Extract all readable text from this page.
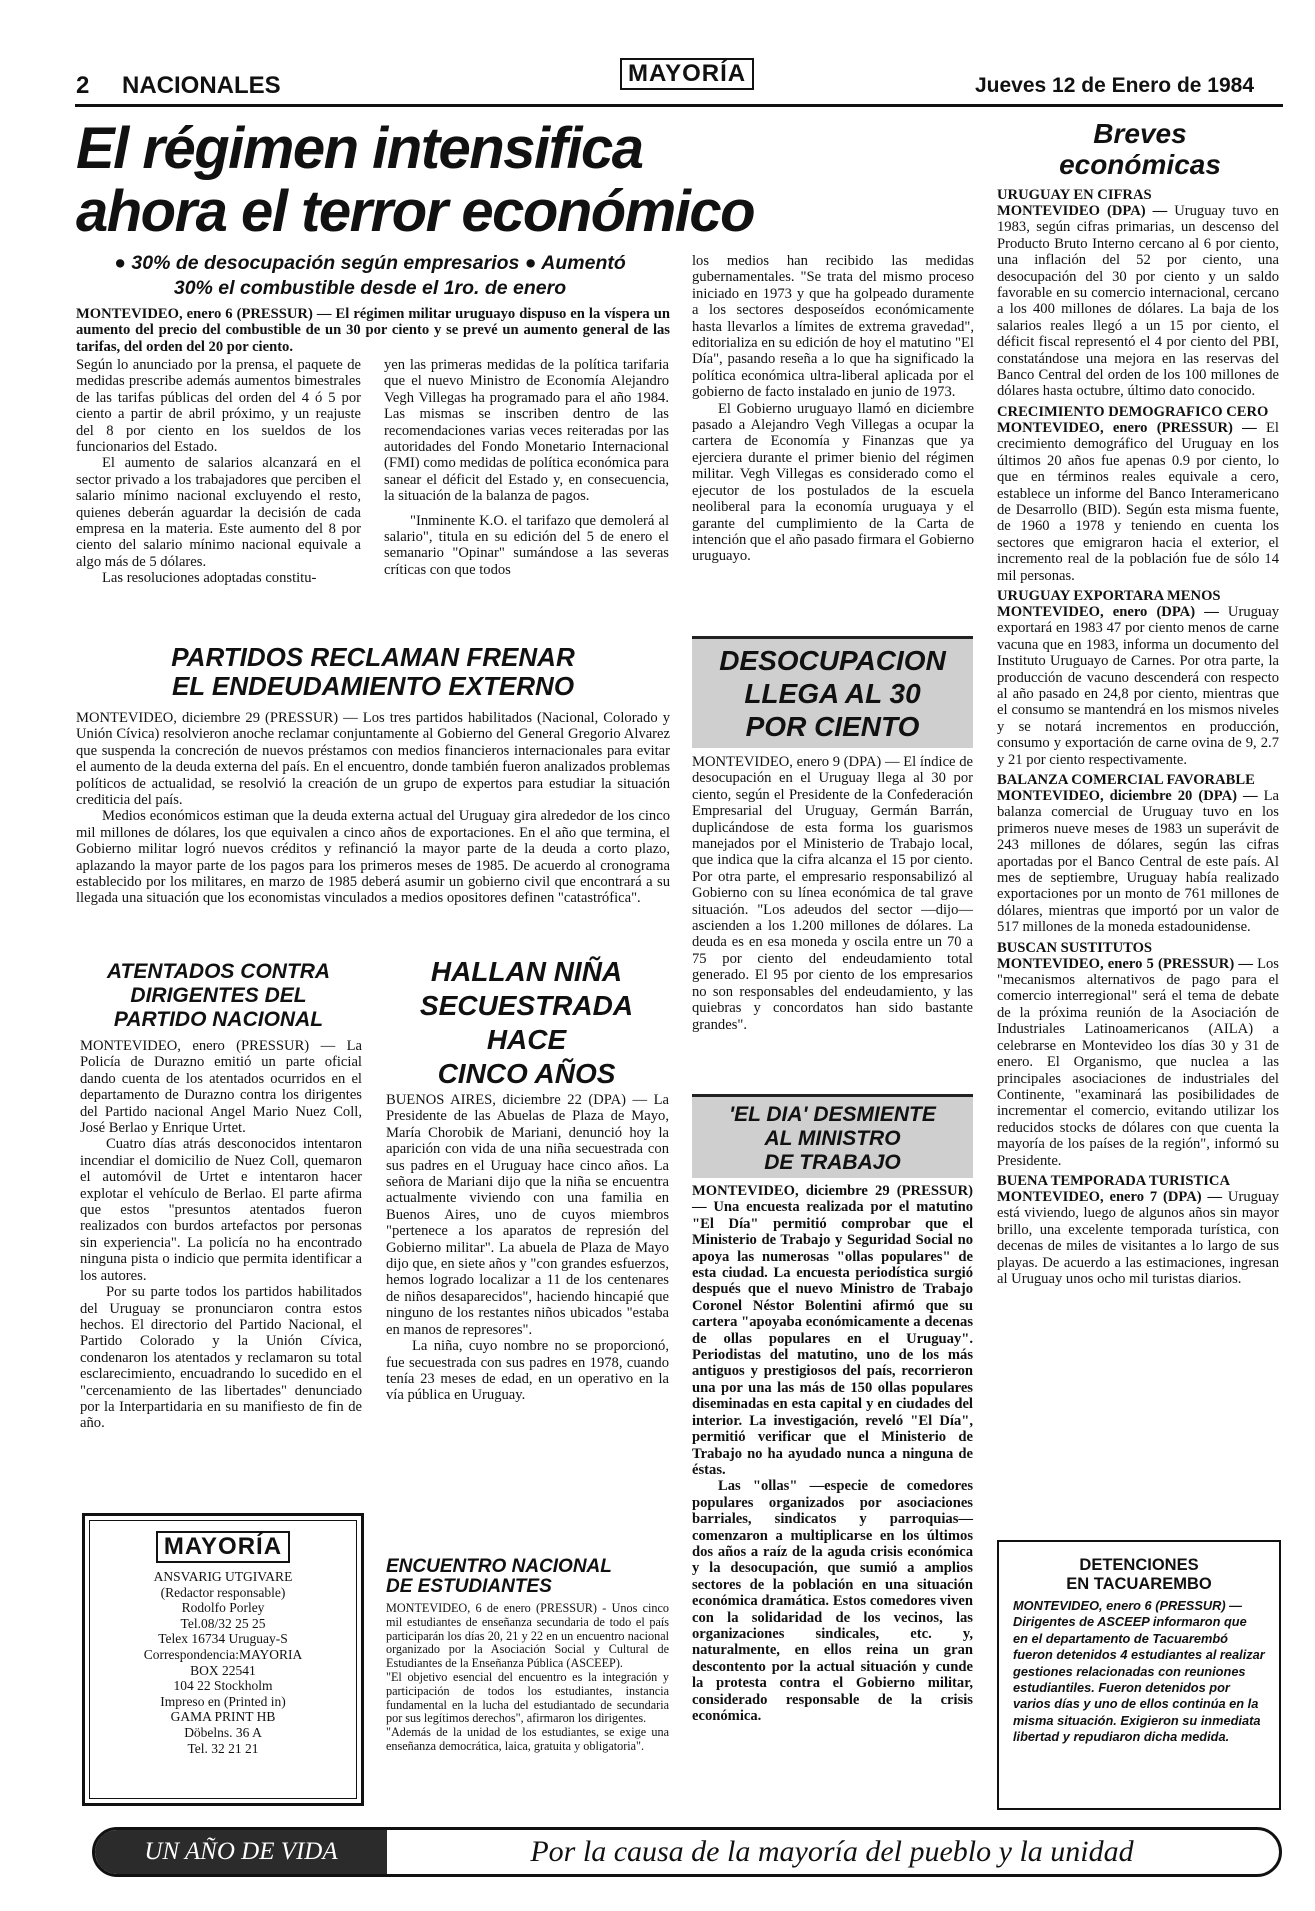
2 NACIONALES	MAYORÍA	Jueves 12 de Enero de 1984
El régimen intensifica
ahora el terror económico
● 30% de desocupación según empresarios ● Aumentó
30% el combustible desde el 1ro. de enero
MONTEVIDEO, enero 6 (PRESSUR) — El régimen militar uruguayo dispuso en la víspera un aumento del precio del combustible de un 30 por ciento y se prevé un aumento general de las tarifas, del orden del 20 por ciento.

Según lo anunciado por la prensa, el paquete de medidas prescribe además aumentos bimestrales de las tarifas públicas del orden del 4 ó 5 por ciento a partir de abril próximo, y un reajuste del 8 por ciento en los sueldos de los funcionarios del Estado.

El aumento de salarios alcanzará en el sector privado a los trabajadores que perciben el salario mínimo nacional excluyendo el resto, quienes deberán aguardar la decisión de cada empresa en la materia. Este aumento del 8 por ciento del salario mínimo nacional equivale a algo más de 5 dólares.

Las resoluciones adoptadas constitu-

yen las primeras medidas de la política tarifaria que el nuevo Ministro de Economía Alejandro Vegh Villegas ha programado para el año 1984. Las mismas se inscriben dentro de las recomendaciones varias veces reiteradas por las autoridades del Fondo Monetario Internacional (FMI) como medidas de política económica para sanear el déficit del Estado y, en consecuencia, la situación de la balanza de pagos.

"Inminente K.O. el tarifazo que demolerá al salario", titula en su edición del 5 de enero el semanario "Opinar" sumándose a las severas críticas con que todos

los medios han recibido las medidas gubernamentales. "Se trata del mismo proceso iniciado en 1973 y que ha golpeado duramente a los sectores desposeídos económicamente hasta llevarlos a límites de extrema gravedad", editorializa en su edición de hoy el matutino "El Día", pasando reseña a lo que ha significado la política económica ultra-liberal aplicada por el gobierno de facto instalado en junio de 1973.

El Gobierno uruguayo llamó en diciembre pasado a Alejandro Vegh Villegas a ocupar la cartera de Economía y Finanzas que ya ejerciera durante el primer bienio del régimen militar. Vegh Villegas es considerado como el ejecutor de los postulados de la escuela neoliberal para la economía uruguaya y el garante del cumplimiento de la Carta de intención que el año pasado firmara el Gobierno uruguayo.

PARTIDOS RECLAMAN FRENAR
EL ENDEUDAMIENTO EXTERNO

MONTEVIDEO, diciembre 29 (PRESSUR) — Los tres partidos habilitados (Nacional, Colorado y Unión Cívica) resolvieron anoche reclamar conjuntamente al Gobierno del General Gregorio Alvarez que suspenda la concreción de nuevos préstamos con medios financieros internacionales para evitar el aumento de la deuda externa del país. En el encuentro, donde también fueron analizados problemas políticos de actualidad, se resolvió la creación de un grupo de expertos para estudiar la situación crediticia del país.

Medios económicos estiman que la deuda externa actual del Uruguay gira alrededor de los cinco mil millones de dólares, los que equivalen a cinco años de exportaciones. En el año que termina, el Gobierno militar logró nuevos créditos y refinanció la mayor parte de la deuda a corto plazo, aplazando la mayor parte de los pagos para los primeros meses de 1985. De acuerdo al cronograma establecido por los militares, en marzo de 1985 deberá asumir un gobierno civil que encontrará a su llegada una situación que los economistas vinculados a medios opositores definen "catastrófica".

ATENTADOS CONTRA
DIRIGENTES DEL
PARTIDO NACIONAL

MONTEVIDEO, enero (PRESSUR) — La Policía de Durazno emitió un parte oficial dando cuenta de los atentados ocurridos en el departamento de Durazno contra los dirigentes del Partido nacional Angel Mario Nuez Coll, José Berlao y Enrique Urtet.

Cuatro días atrás desconocidos intentaron incendiar el domicilio de Nuez Coll, quemaron el automóvil de Urtet e intentaron hacer explotar el vehículo de Berlao. El parte afirma que estos "presuntos atentados fueron realizados con burdos artefactos por personas sin experiencia". La policía no ha encontrado ninguna pista o indicio que permita identificar a los autores.

Por su parte todos los partidos habilitados del Uruguay se pronunciaron contra estos hechos. El directorio del Partido Nacional, el Partido Colorado y la Unión Cívica, condenaron los atentados y reclamaron su total esclarecimiento, encuadrando lo sucedido en el "cercenamiento de las libertades" denunciado por la Interpartidaria en su manifiesto de fin de año.

MAYORÍA
ANSVARIG UTGIVARE
(Redactor responsable)
Rodolfo Porley
Tel.08/32 25 25
Telex 16734 Uruguay-S
Correspondencia:MAYORIA
BOX 22541
104 22 Stockholm
Impreso en (Printed in)
GAMA PRINT HB
Döbelns. 36 A
Tel. 32 21 21
HALLAN NIÑA
SECUESTRADA
HACE
CINCO AÑOS

BUENOS AIRES, diciembre 22 (DPA) — La Presidente de las Abuelas de Plaza de Mayo, María Chorobik de Mariani, denunció hoy la aparición con vida de una niña secuestrada con sus padres en el Uruguay hace cinco años. La señora de Mariani dijo que la niña se encuentra actualmente viviendo con una familia en Buenos Aires, uno de cuyos miembros "pertenece a los aparatos de represión del Gobierno militar". La abuela de Plaza de Mayo dijo que, en siete años y "con grandes esfuerzos, hemos logrado localizar a 11 de los centenares de niños desaparecidos", haciendo hincapié que ninguno de los restantes niños ubicados "estaba en manos de represores".

La niña, cuyo nombre no se proporcionó, fue secuestrada con sus padres en 1978, cuando tenía 23 meses de edad, en un operativo en la vía pública en Uruguay.

ENCUENTRO NACIONAL
DE ESTUDIANTES

MONTEVIDEO, 6 de enero (PRESSUR) - Unos cinco mil estudiantes de enseñanza secundaria de todo el país participarán los días 20, 21 y 22 en un encuentro nacional organizado por la Asociación Social y Cultural de Estudiantes de la Enseñanza Pública (ASCEEP).

"El objetivo esencial del encuentro es la integración y participación de todos los estudiantes, instancia fundamental en la lucha del estudiantado de secundaria por sus legítimos derechos", afirmaron los dirigentes.

"Además de la unidad de los estudiantes, se exige una enseñanza democrática, laica, gratuita y obligatoria".

DESOCUPACION
LLEGA AL 30
POR CIENTO

MONTEVIDEO, enero 9 (DPA) — El índice de desocupación en el Uruguay llega al 30 por ciento, según el Presidente de la Confederación Empresarial del Uruguay, Germán Barrán, duplicándose de esta forma los guarismos manejados por el Ministerio de Trabajo local, que indica que la cifra alcanza el 15 por ciento. Por otra parte, el empresario responsabilizó al Gobierno con su línea económica de tal grave situación. "Los adeudos del sector —dijo— ascienden a los 1.200 millones de dólares. La deuda es en esa moneda y oscila entre un 70 a 75 por ciento del endeudamiento total generado. El 95 por ciento de los empresarios no son responsables del endeudamiento, y las quiebras y concordatos han sido bastante grandes".

'EL DIA' DESMIENTE
AL MINISTRO
DE TRABAJO

MONTEVIDEO, diciembre 29 (PRESSUR) — Una encuesta realizada por el matutino "El Día" permitió comprobar que el Ministerio de Trabajo y Seguridad Social no apoya las numerosas "ollas populares" de esta ciudad. La encuesta periodística surgió después que el nuevo Ministro de Trabajo Coronel Néstor Bolentini afirmó que su cartera "apoyaba económicamente a decenas de ollas populares en el Uruguay". Periodistas del matutino, uno de los más antiguos y prestigiosos del país, recorrieron una por una las más de 150 ollas populares diseminadas en esta capital y en ciudades del interior. La investigación, reveló "El Día", permitió verificar que el Ministerio de Trabajo no ha ayudado nunca a ninguna de éstas.

Las "ollas" —especie de comedores populares organizados por asociaciones barriales, sindicatos y parroquias— comenzaron a multiplicarse en los últimos dos años a raíz de la aguda crisis económica y la desocupación, que sumió a amplios sectores de la población en una situación económica dramática. Estos comedores viven con la solidaridad de los vecinos, las organizaciones sindicales, etc. y, naturalmente, en ellos reina un gran descontento por la actual situación y cunde la protesta contra el Gobierno militar, considerado responsable de la crisis económica.

Breves
económicas
URUGUAY EN CIFRAS
MONTEVIDEO (DPA) — Uruguay tuvo en 1983, según cifras primarias, un descenso del Producto Bruto Interno cercano al 6 por ciento, una inflación del 52 por ciento, una desocupación del 30 por ciento y un saldo favorable en su comercio internacional, cercano a los 400 millones de dólares. La baja de los salarios reales llegó a un 15 por ciento, el déficit fiscal representó el 4 por ciento del PBI, constatándose una mejora en las reservas del Banco Central del orden de los 100 millones de dólares hasta octubre, último dato conocido.
CRECIMIENTO DEMOGRAFICO CERO
MONTEVIDEO, enero (PRESSUR) — El crecimiento demográfico del Uruguay en los últimos 20 años fue apenas 0.9 por ciento, lo que en términos reales equivale a cero, establece un informe del Banco Interamericano de Desarrollo (BID). Según esta misma fuente, de 1960 a 1978 y teniendo en cuenta los sectores que emigraron hacia el exterior, el incremento real de la población fue de sólo 14 mil personas.
URUGUAY EXPORTARA MENOS
MONTEVIDEO, enero (DPA) — Uruguay exportará en 1983 47 por ciento menos de carne vacuna que en 1983, informa un documento del Instituto Uruguayo de Carnes. Por otra parte, la producción de vacuno descenderá con respecto al año pasado en 24,8 por ciento, mientras que el consumo se mantendrá en los mismos niveles y se notará incrementos en producción, consumo y exportación de carne ovina de 9, 2.7 y 21 por ciento respectivamente.
BALANZA COMERCIAL FAVORABLE
MONTEVIDEO, diciembre 20 (DPA) — La balanza comercial de Uruguay tuvo en los primeros nueve meses de 1983 un superávit de 243 millones de dólares, según las cifras aportadas por el Banco Central de este país. Al mes de septiembre, Uruguay había realizado exportaciones por un monto de 761 millones de dólares, mientras que importó por un valor de 517 millones de la moneda estadounidense.
BUSCAN SUSTITUTOS
MONTEVIDEO, enero 5 (PRESSUR) — Los "mecanismos alternativos de pago para el comercio interregional" será el tema de debate de la próxima reunión de la Asociación de Industriales Latinoamericanos (AILA) a celebrarse en Montevideo los días 30 y 31 de enero. El Organismo, que nuclea a las principales asociaciones de industriales del Continente, "examinará las posibilidades de incrementar el comercio, evitando utilizar los reducidos stocks de dólares con que cuenta la mayoría de los países de la región", informó su Presidente.
BUENA TEMPORADA TURISTICA
MONTEVIDEO, enero 7 (DPA) — Uruguay está viviendo, luego de algunos años sin mayor brillo, una excelente temporada turística, con decenas de miles de visitantes a lo largo de sus playas. De acuerdo a las estimaciones, ingresan al Uruguay unos ocho mil turistas diarios.
DETENCIONES
EN TACUAREMBO
MONTEVIDEO, enero 6 (PRESSUR) — Dirigentes de ASCEEP informaron que en el departamento de Tacuarembó fueron detenidos 4 estudiantes al realizar gestiones relacionadas con reuniones estudiantiles. Fueron detenidos por varios días y uno de ellos continúa en la misma situación. Exigieron su inmediata libertad y repudiaron dicha medida.
UN AÑO DE VIDA	Por la causa de la mayoría del pueblo y la unidad
